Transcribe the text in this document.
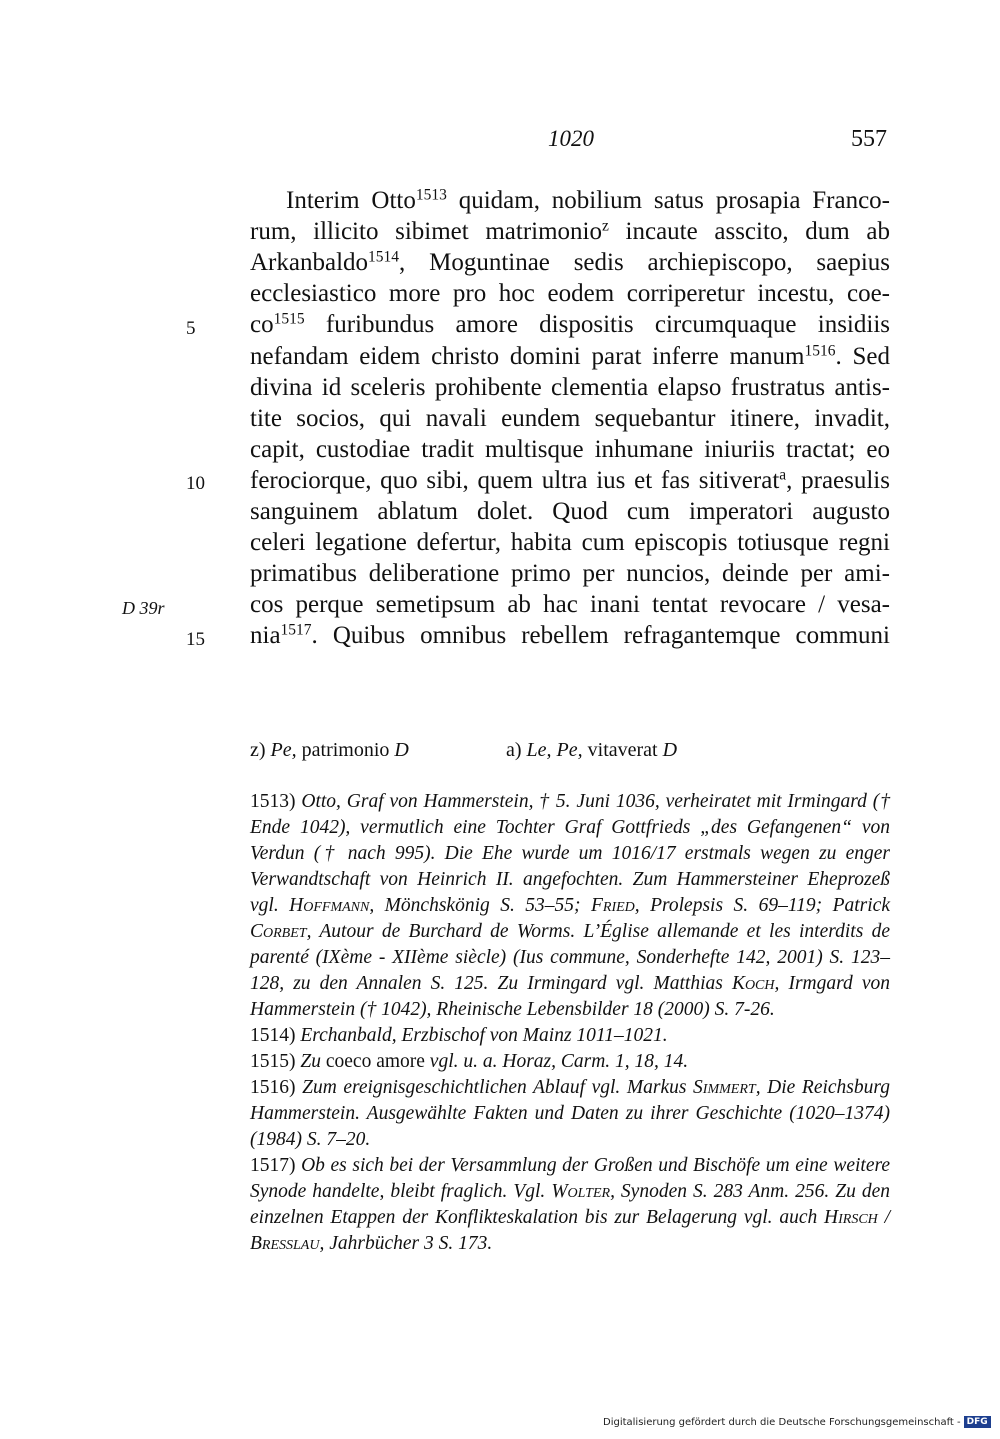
1020	557
Interim Otto$^{1513}$ quidam, nobilium satus prosapia Franco-
rum, illicito sibimet matrimonio$^z$ incaute asscito, dum ab
Arkanbaldo$^{1514}$, Moguntinae sedis archiepiscopo, saepius
ecclesiastico more pro hoc eodem corriperetur incestu, coe-
$co^{1515}$ furibundus amore dispositis circumquaque insidiis
nefandam eidem christo domini parat inferre manum$^{1516}$. Sed
divina id sceleris prohibente clementia elapso frustratus antis-
tite socios, qui navali eundem sequebantur itinere, invadit,
capit, custodiae tradit multisque inhumane iniuriis tractat; eo
ferociorque, quo sibi, quem ultra ius et fas sitiverat$^a$, praesulis
sanguinem ablatum dolet. Quod cum imperatori augusto
celeri legatione defertur, habita cum episcopis totiusque regni
primatibus deliberatione primo per nuncios, deinde per ami-
cos perque semetipsum ab hac inani tentat revocare / vesa-
nia$^{1517}$. Quibus omnibus rebellem refragantemque communi
5
10
15
D 39r
z) Pe, patrimonio D	a) Le, Pe, vitaverat D

1513) Otto, Graf von Hammerstein, † 5. Juni 1036, verheiratet mit Irmingard († Ende 1042), vermutlich eine Tochter Graf Gottfrieds „des Gefangenen“ von Verdun († nach 995). Die Ehe wurde um 1016/17 erstmals wegen zu enger Verwandtschaft von Heinrich II. angefochten. Zum Hammersteiner Eheprozeß vgl. Hoffmann, Mönchskönig S. 53–55; Fried, Prolepsis S. 69–119; Patrick Corbet, Autour de Burchard de Worms. L’Église allemande et les interdits de parenté (IXème - XIIème siècle) (Ius commune, Sonderhefte 142, 2001) S. 123–128, zu den Annalen S. 125. Zu Irmingard vgl. Matthias Koch, Irmgard von Hammerstein († 1042), Rheinische Lebensbilder 18 (2000) S. 7-26.

1514) Erchanbald, Erzbischof von Mainz 1011–1021.

1515) Zu coeco amore vgl. u. a. Horaz, Carm. 1, 18, 14.

1516) Zum ereignisgeschichtlichen Ablauf vgl. Markus Simmert, Die Reichsburg Hammerstein. Ausgewählte Fakten und Daten zu ihrer Geschichte (1020–1374) (1984) S. 7–20.

1517) Ob es sich bei der Versammlung der Großen und Bischöfe um eine weitere Synode handelte, bleibt fraglich. Vgl. Wolter, Synoden S. 283 Anm. 256. Zu den einzelnen Etappen der Konflikteskalation bis zur Belagerung vgl. auch Hirsch / Bresslau, Jahrbücher 3 S. 173.

Digitalisierung gefördert durch die Deutsche Forschungsgemeinschaft - DFG
